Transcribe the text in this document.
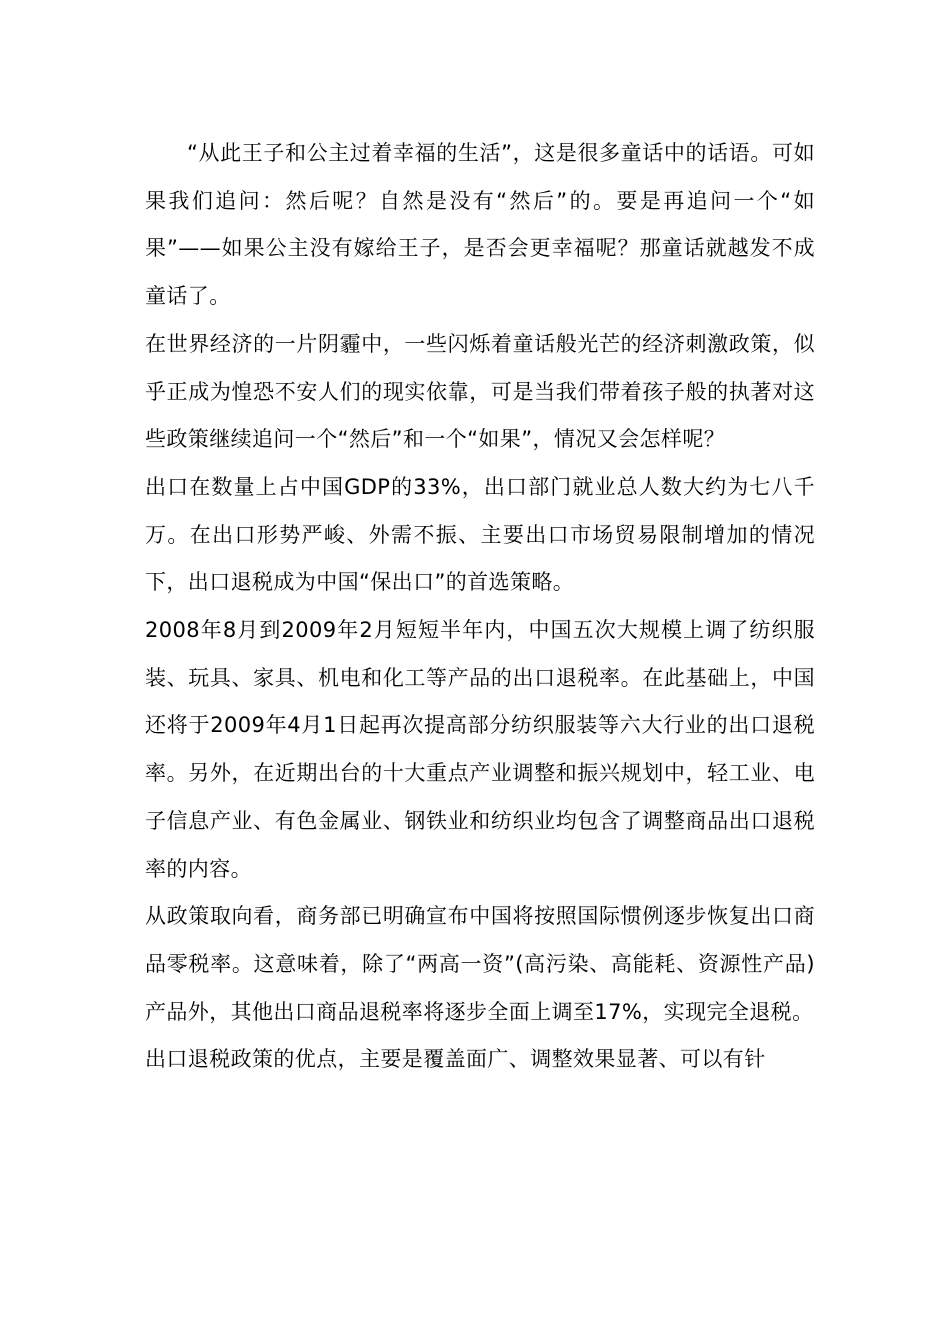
“从此王子和公主过着幸福的生活”，这是很多童话中的话语。可如果我们追问：然后呢？自然是没有“然后”的。要是再追问一个“如果”——如果公主没有嫁给王子，是否会更幸福呢？那童话就越发不成童话了。

在世界经济的一片阴霾中，一些闪烁着童话般光芒的经济刺激政策，似乎正成为惶恐不安人们的现实依靠，可是当我们带着孩子般的执著对这些政策继续追问一个“然后”和一个“如果”，情况又会怎样呢？

出口在数量上占中国GDP的33%，出口部门就业总人数大约为七八千万。在出口形势严峻、外需不振、主要出口市场贸易限制增加的情况下，出口退税成为中国“保出口”的首选策略。

2008年8月到2009年2月短短半年内，中国五次大规模上调了纺织服装、玩具、家具、机电和化工等产品的出口退税率。在此基础上，中国还将于2009年4月1日起再次提高部分纺织服装等六大行业的出口退税率。另外，在近期出台的十大重点产业调整和振兴规划中，轻工业、电子信息产业、有色金属业、钢铁业和纺织业均包含了调整商品出口退税率的内容。

从政策取向看，商务部已明确宣布中国将按照国际惯例逐步恢复出口商品零税率。这意味着，除了“两高一资”(高污染、高能耗、资源性产品)产品外，其他出口商品退税率将逐步全面上调至17%，实现完全退税。

出口退税政策的优点，主要是覆盖面广、调整效果显著、可以有针
